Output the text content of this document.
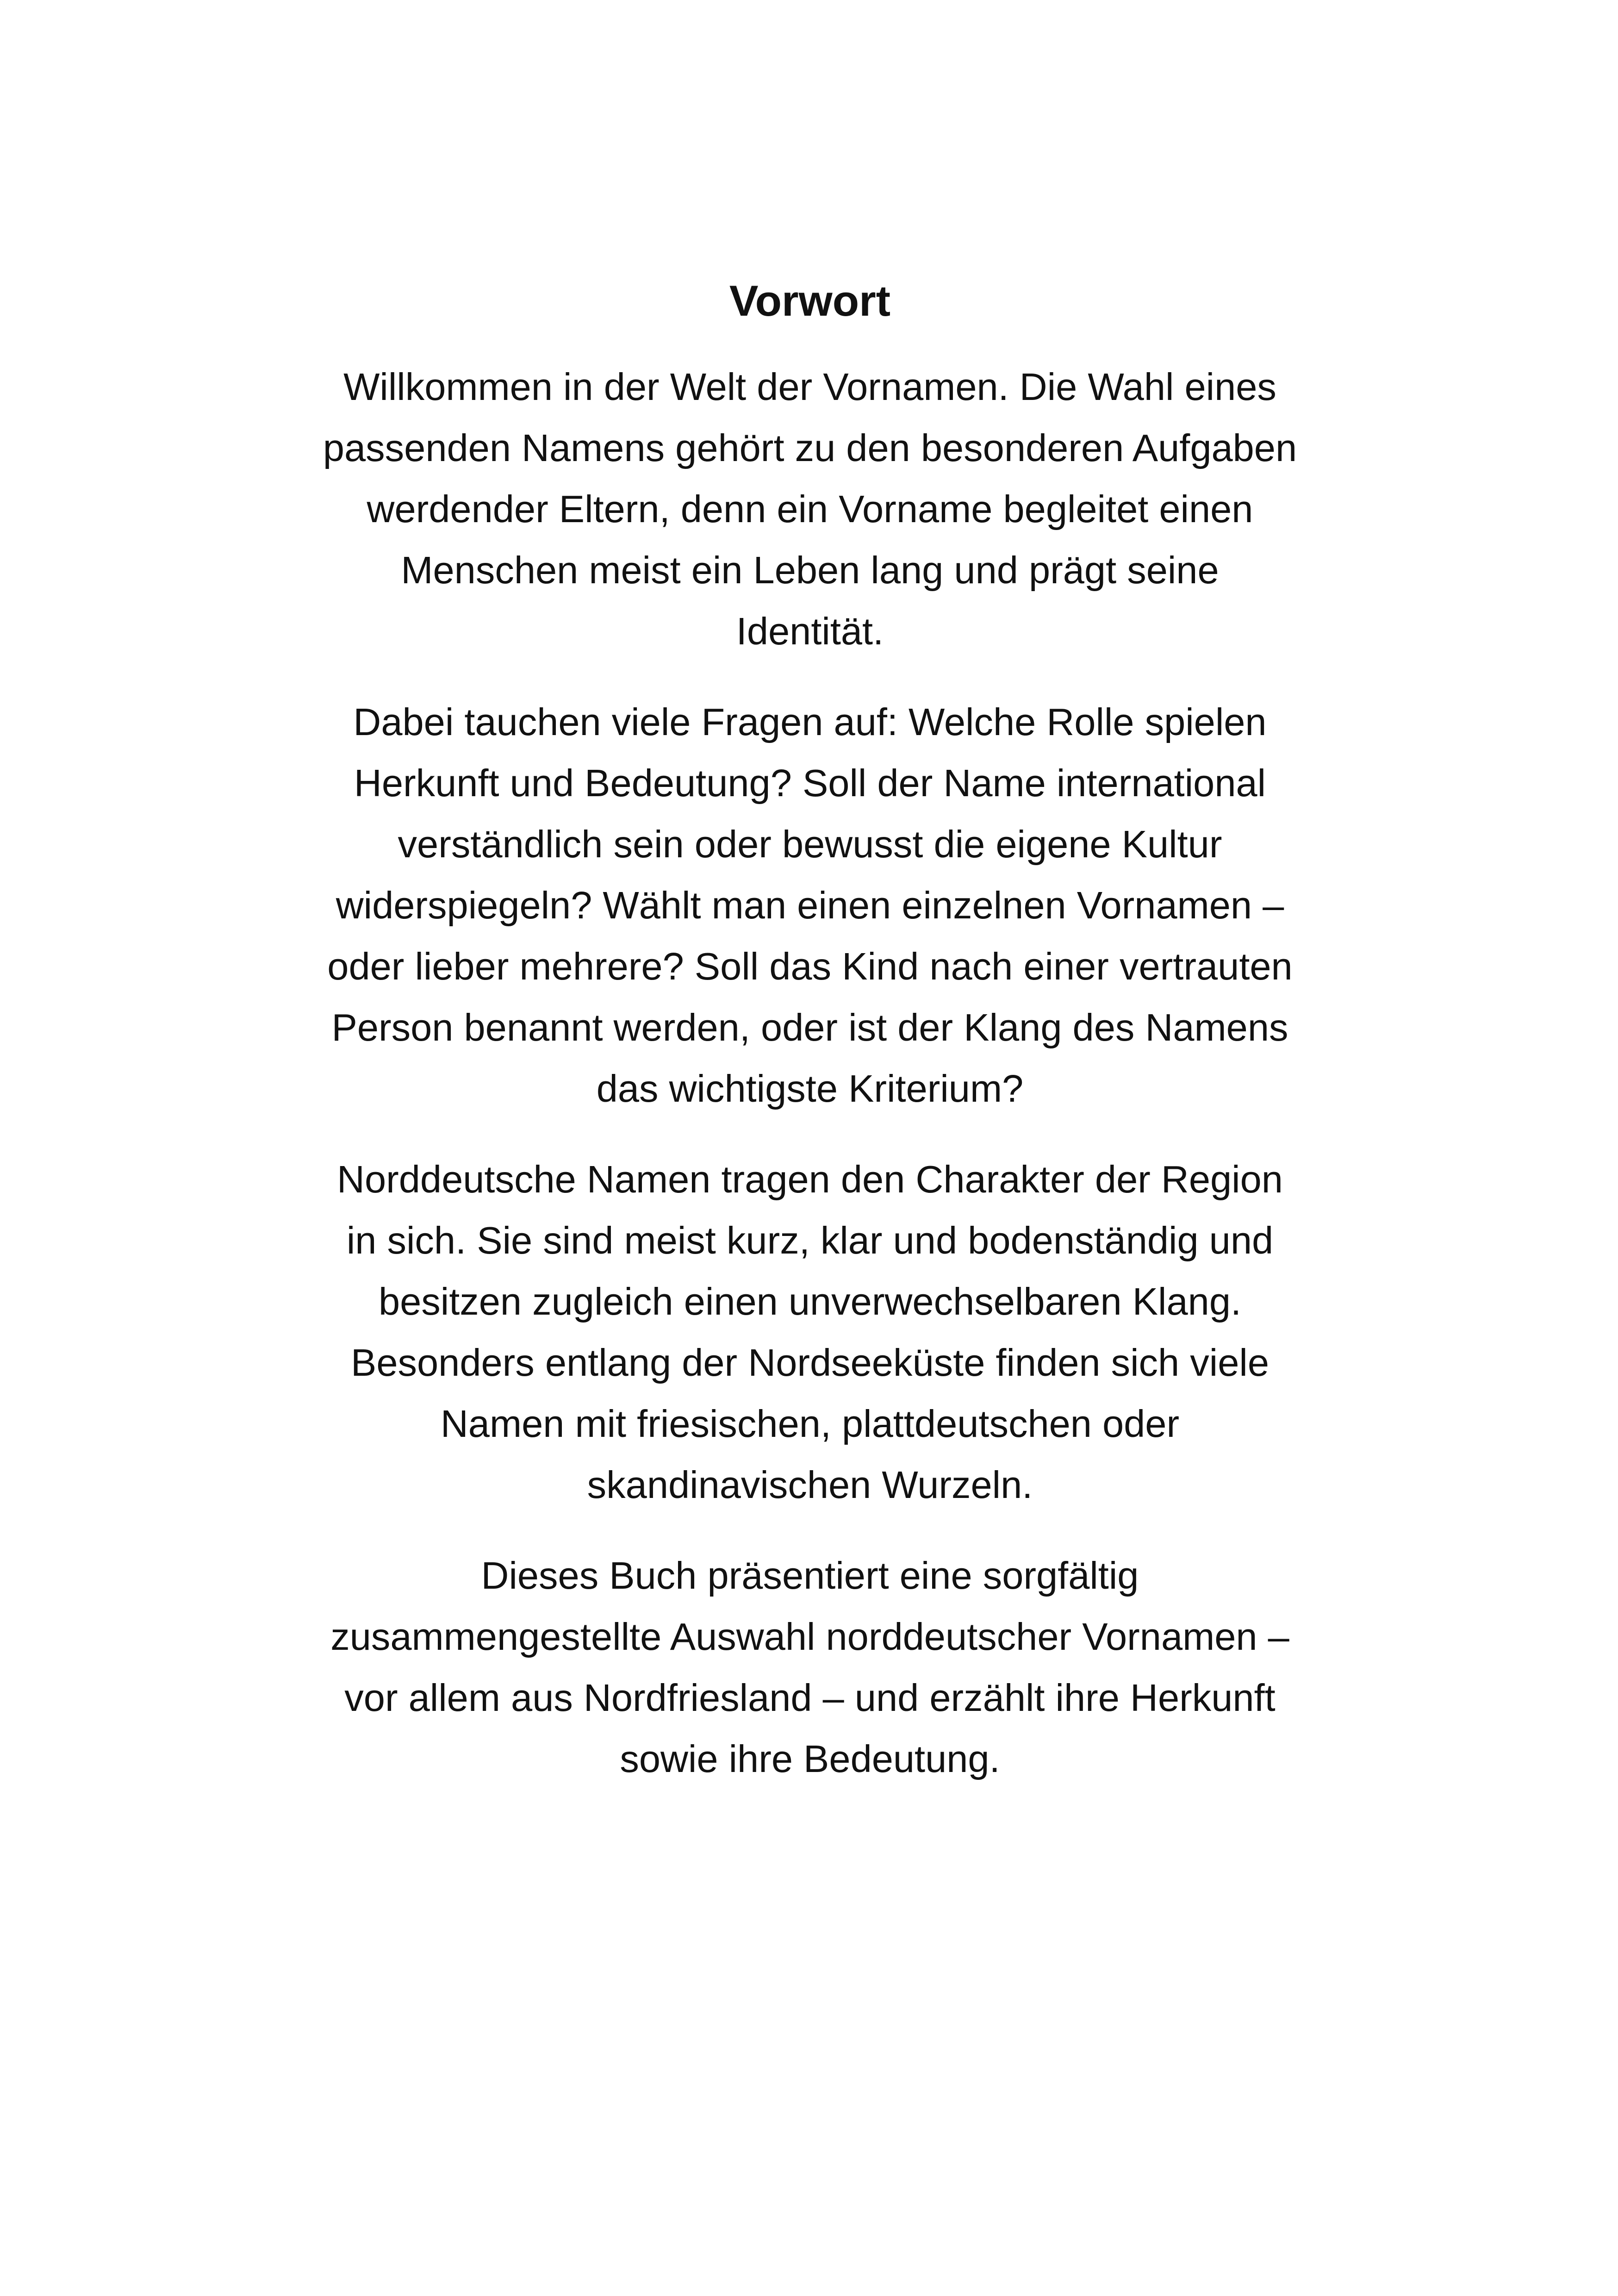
Vorwort

Willkommen in der Welt der Vornamen. Die Wahl eines
passenden Namens gehört zu den besonderen Aufgaben
werdender Eltern, denn ein Vorname begleitet einen
Menschen meist ein Leben lang und prägt seine
Identität.

Dabei tauchen viele Fragen auf: Welche Rolle spielen
Herkunft und Bedeutung? Soll der Name international
verständlich sein oder bewusst die eigene Kultur
widerspiegeln? Wählt man einen einzelnen Vornamen –
oder lieber mehrere? Soll das Kind nach einer vertrauten
Person benannt werden, oder ist der Klang des Namens
das wichtigste Kriterium?

Norddeutsche Namen tragen den Charakter der Region
in sich. Sie sind meist kurz, klar und bodenständig und
besitzen zugleich einen unverwechselbaren Klang.
Besonders entlang der Nordseeküste finden sich viele
Namen mit friesischen, plattdeutschen oder
skandinavischen Wurzeln.

Dieses Buch präsentiert eine sorgfältig
zusammengestellte Auswahl norddeutscher Vornamen –
vor allem aus Nordfriesland – und erzählt ihre Herkunft
sowie ihre Bedeutung.
